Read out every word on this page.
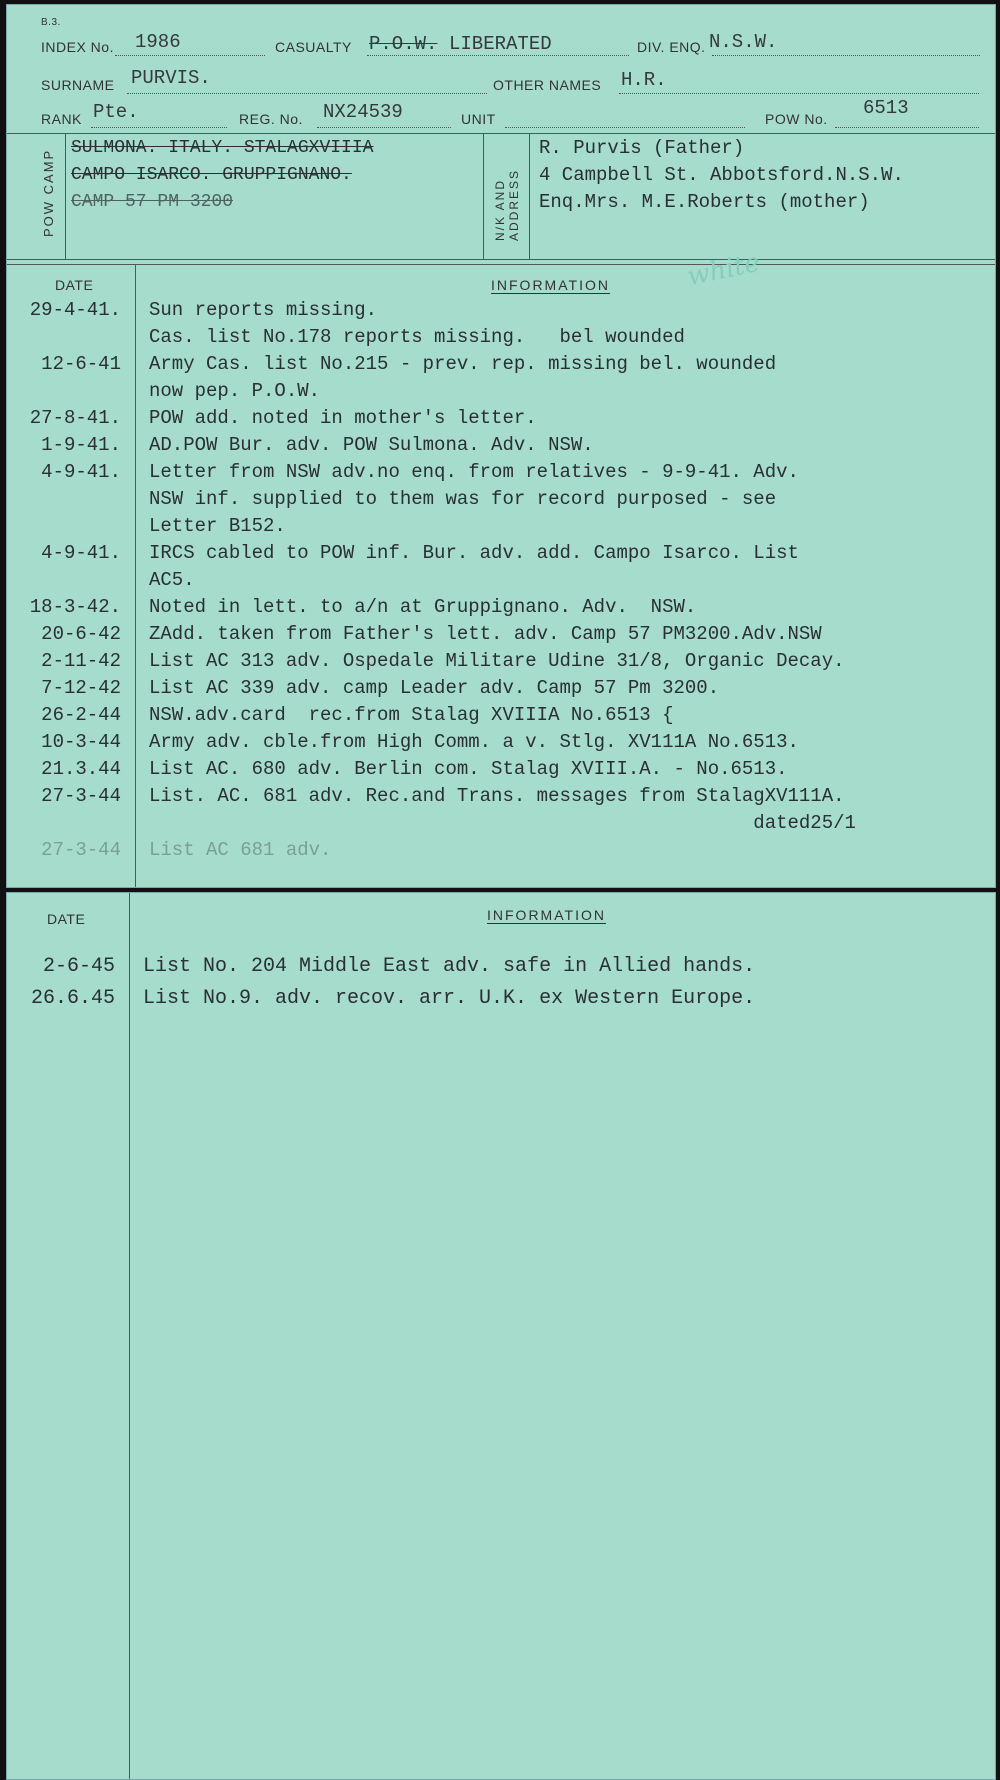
B.3.
INDEX No. 1986	CASUALTY P.O.W. LIBERATED	DIV. ENQ. N.S.W.
SURNAME PURVIS.	OTHER NAMES H.R.
RANK Pte.	REG. No. NX24539	UNIT	POW No. 6513
POW CAMP
SULMONA. ITALY. STALAGXVIIIA
CAMPO ISARCO. GRUPPIGNANO.
CAMP 57 PM 3200	N/K AND ADDRESS
R. Purvis (Father)
4 Campbell St. Abbotsford.N.S.W.
Enq.Mrs. M.E.Roberts (mother)
DATE	INFORMATION	white
29-4-41.	Sun reports missing.
Cas. list No.178 reports missing.   bel wounded
12-6-41	Army Cas. list No.215 - prev. rep. missing bel. wounded
now pep. P.O.W.
27-8-41.	POW add. noted in mother's letter.
1-9-41.	AD.POW Bur. adv. POW Sulmona. Adv. NSW.
4-9-41.	Letter from NSW adv.no enq. from relatives - 9-9-41. Adv.
NSW inf. supplied to them was for record purposed - see
Letter B152.
4-9-41.	IRCS cabled to POW inf. Bur. adv. add. Campo Isarco. List
AC5.
18-3-42.	Noted in lett. to a/n at Gruppignano. Adv.  NSW.
20-6-42	ZAdd. taken from Father's lett. adv. Camp 57 PM3200.Adv.NSW
2-11-42	List AC 313 adv. Ospedale Militare Udine 31/8, Organic Decay.
7-12-42	List AC 339 adv. camp Leader adv. Camp 57 Pm 3200.
26-2-44	NSW.adv.card  rec.from Stalag XVIIIA No.6513 {
10-3-44	Army adv. cble.from High Comm. a v. Stlg. XV111A No.6513.
21.3.44	List AC. 680 adv. Berlin com. Stalag XVIII.A. - No.6513.
27-3-44	List. AC. 681 adv. Rec.and Trans. messages from StalagXV111A.
dated25/1
27-3-44	List AC 681 adv.
DATE	INFORMATION
2-6-45	List No. 204 Middle East adv. safe in Allied hands.
26.6.45	List No.9. adv. recov. arr. U.K. ex Western Europe.
